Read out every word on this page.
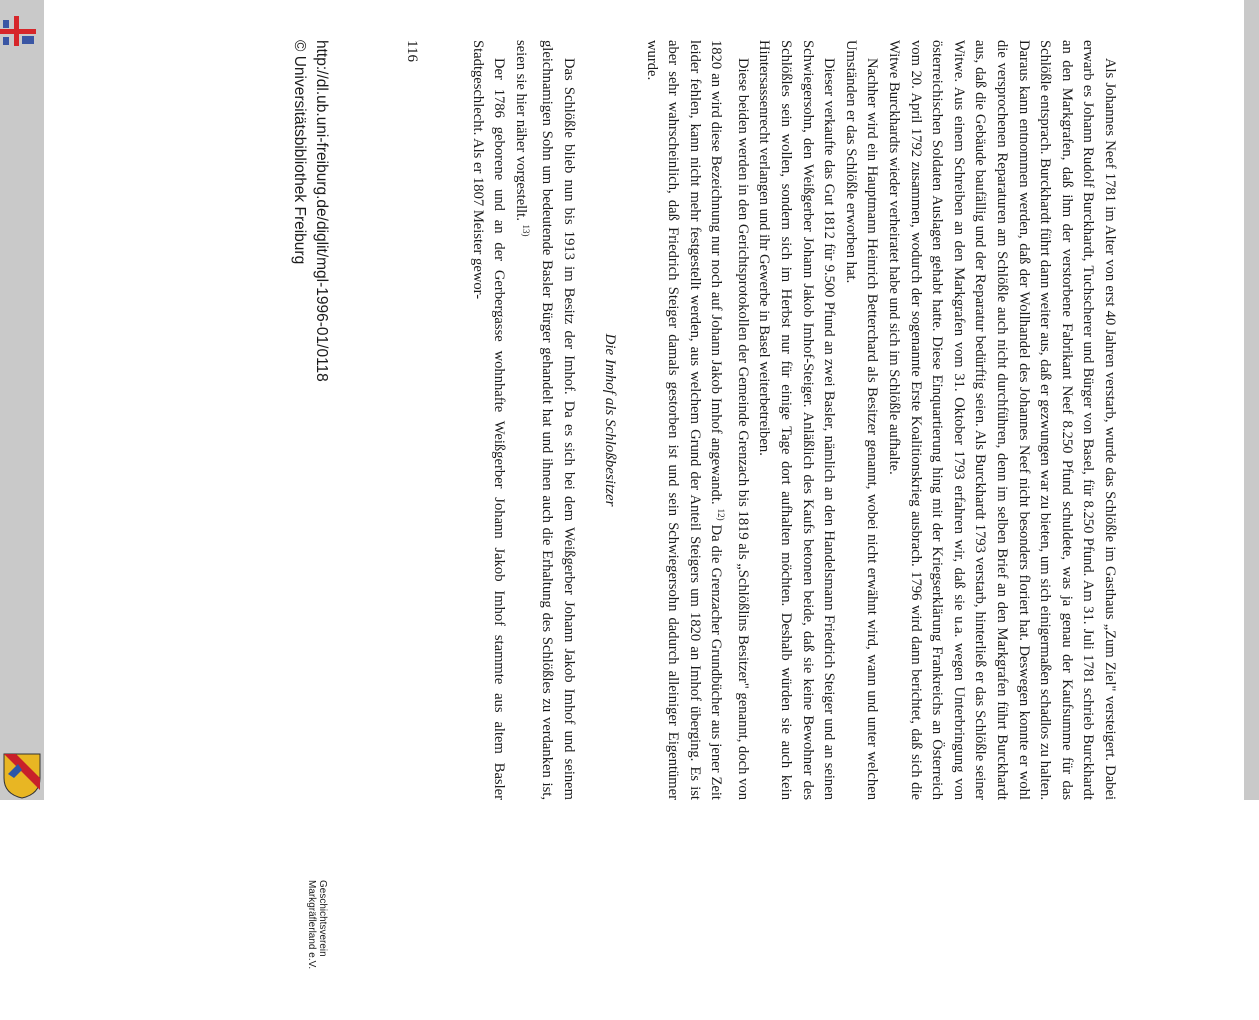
Als Johannes Neef 1781 im Alter von erst 40 Jahren verstarb, wurde das Schlößle im Gasthaus „Zum Ziel" versteigert. Dabei erwarb es Johann Rudolf Burckhardt, Tuchscherer und Bürger von Basel, für 8.250 Pfund. Am 31. Juli 1781 schrieb Burckhardt an den Markgrafen, daß ihm der verstorbene Fabrikant Neef 8.250 Pfund schuldete, was ja genau der Kaufsumme für das Schlößle entsprach. Burckhardt führt dann weiter aus, daß er gezwungen war zu bieten, um sich einigermaßen schadlos zu halten. Daraus kann entnommen werden, daß der Wollhandel des Johannes Neef nicht besonders floriert hat. Deswegen konnte er wohl die versprochenen Reparaturen am Schlößle auch nicht durchführen, denn im selben Brief an den Markgrafen führt Burckhardt aus, daß die Gebäude baufällig und der Reparatur bedürftig seien. Als Burckhardt 1793 verstarb, hinterließ er das Schlößle seiner Witwe. Aus einem Schreiben an den Markgrafen vom 31. Oktober 1793 erfahren wir, daß sie u.a. wegen Unterbringung von österreichischen Soldaten Auslagen gehabt hatte. Diese Einquartierung hing mit der Kriegserklärung Frankreichs an Österreich vom 20. April 1792 zusammen, wodurch der sogenannte Erste Koalitionskrieg ausbrach. 1796 wird dann berichtet, daß sich die Witwe Burckhardts wieder verheiratet habe und sich im Schlößle aufhalte.

Nachher wird ein Hauptmann Heinrich Betterchard als Besitzer genannt, wobei nicht erwähnt wird, wann und unter welchen Umständen er das Schlößle erworben hat.

Dieser verkaufte das Gut 1812 für 9.500 Pfund an zwei Basler, nämlich an den Handelsmann Friedrich Steiger und an seinen Schwiegersohn, den Weißgerber Johann Jakob Imhof-Steiger. Anläßlich des Kaufs betonen beide, daß sie keine Bewohner des Schlößles sein wollen, sondern sich im Herbst nur für einige Tage dort aufhalten möchten. Deshalb würden sie auch kein Hintersassenrecht verlangen und ihr Gewerbe in Basel weiterbetreiben.

Diese beiden werden in den Gerichtsprotokollen der Gemeinde Grenzach bis 1819 als „Schlößlins Besitzer" genannt, doch von 1820 an wird diese Bezeichnung nur noch auf Johann Jakob Imhof angewandt. $^{12)}$ Da die Grenzacher Grundbücher aus jener Zeit leider fehlen, kann nicht mehr festgestellt werden, aus welchem Grund der Anteil Steigers um 1820 an Imhof überging. Es ist aber sehr wahrscheinlich, daß Friedrich Steiger damals gestorben ist und sein Schwiegersohn dadurch alleiniger Eigentümer wurde.

Die Imhof als Schloßbesitzer

Das Schlößle blieb nun bis 1913 im Besitz der Imhof. Da es sich bei dem Weißgerber Johann Jakob Imhof und seinem gleichnamigen Sohn um bedeutende Basler Bürger gehandelt hat und ihnen auch die Erhaltung des Schlößles zu verdanken ist, seien sie hier näher vorgestellt. $^{13)}$

Der 1786 geborene und an der Gerbergasse wohnhafte Weißgerber Johann Jakob Imhof stammte aus altem Basler Stadtgeschlecht. Als er 1807 Meister gewor-

116
http://dl.ub.uni-freiburg.de/diglit/mgl-1996-01/0118
© Universitätsbibliothek Freiburg
Geschichtsverein
Markgräflerland e.V.
